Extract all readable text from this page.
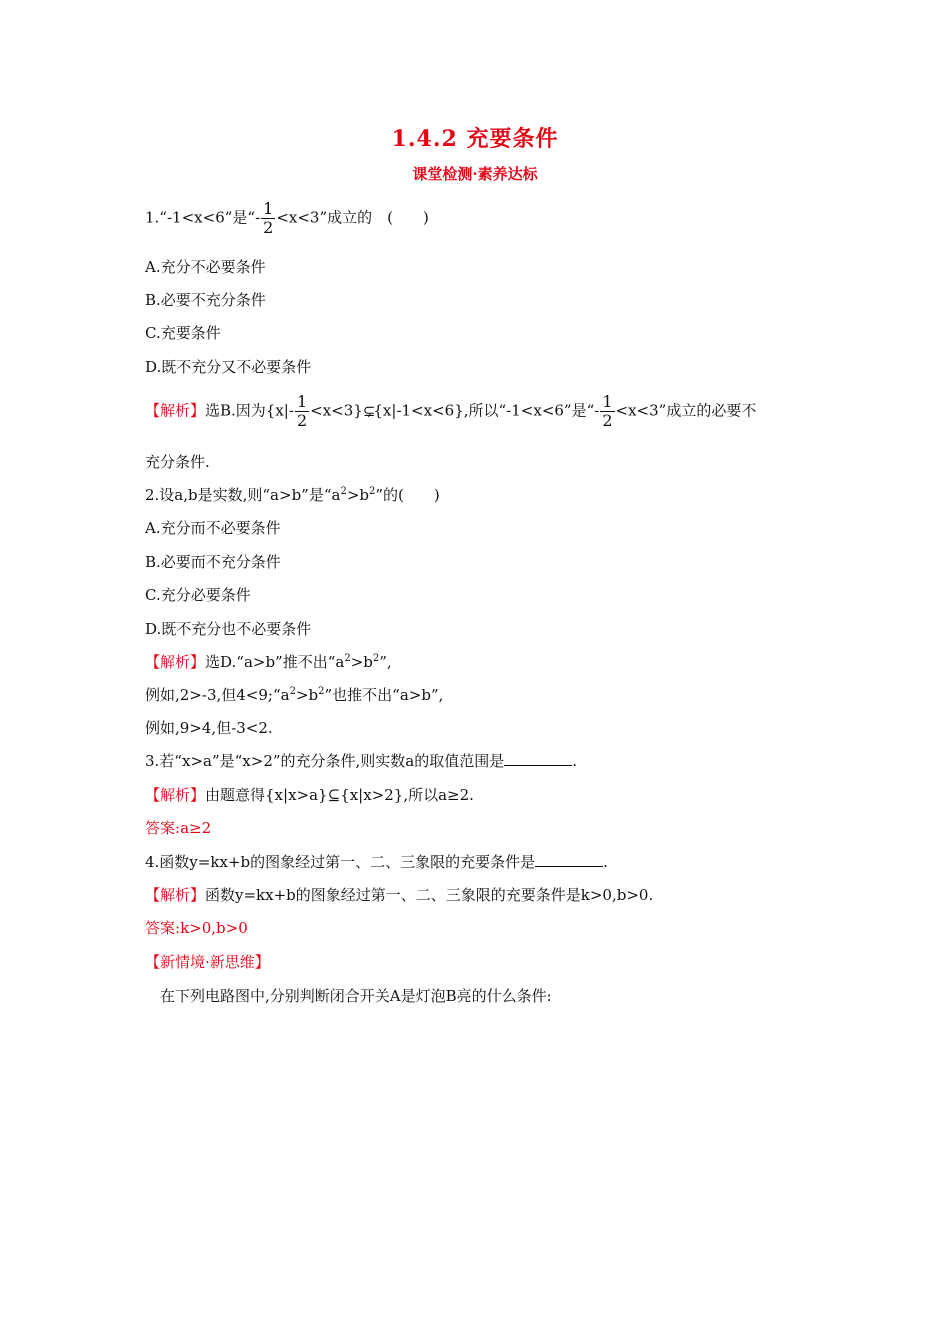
1.4.2 充要条件
课堂检测·素养达标
1.“-1<x<6”是“- $\frac{1}{2} <x<3$”成立的　(　　)
A.充分不必要条件
B.必要不充分条件
C.充要条件
D.既不充分又不必要条件
【解析】选B.因为{$x|- \frac{1}{2}$ <x<3}⊊{x|-1<x<6},所以“-1<x<6”是“- $\frac{1}{2} <x<3$”成立的必要不
充分条件.
2.设a,b是实数,则“a>b”是“$a^2>b^2$”的(　　)
A.充分而不必要条件
B.必要而不充分条件
C.充分必要条件
D.既不充分也不必要条件
【解析】选D.“a>b”推不出“$a^2>b^2$”,
例如,2>-3,但$4<9;“a^2>b^2$”也推不出“a>b”,
例如,9>4,但-3<2.
3.若“x>a”是“x>2”的充分条件,则实数a的取值范围是	.
【解析】由题意得{x|x>a}⊆{x|x>2},所以a≥2.
答案:a≥2
4.函数y=kx+b的图象经过第一、二、三象限的充要条件是	.
【解析】函数y=kx+b的图象经过第一、二、三象限的充要条件是k>0,b>0.
答案:k>0,b>0
【新情境·新思维】
在下列电路图中,分别判断闭合开关A是灯泡B亮的什么条件:
